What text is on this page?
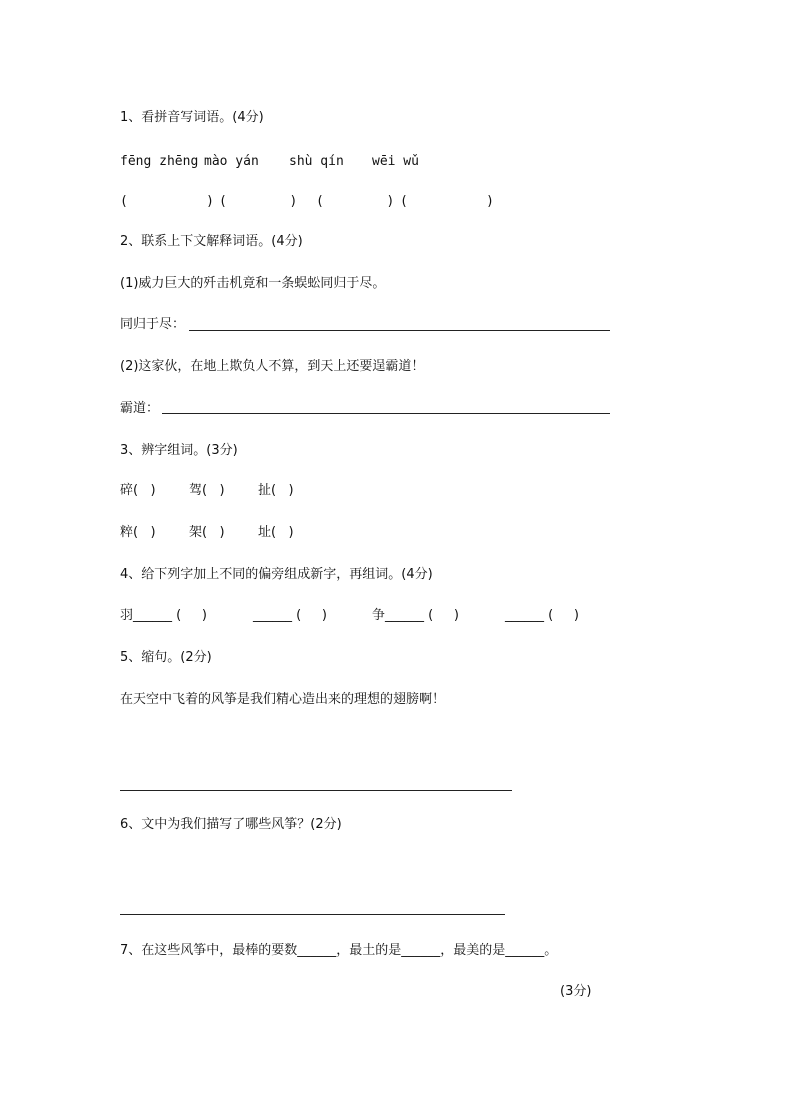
1、看拼音写词语。(4分)
fēng zhēng mào yán shù qín wēi wǔ
(          ) (        ) (        ) (          )
2、联系上下文解释词语。(4分)
(1)威力巨大的歼击机竟和一条蜈蚣同归于尽。
同归于尽：
(2)这家伙，在地上欺负人不算，到天上还要逞霸道！
霸道：
3、辨字组词。(3分)
碎(   )	驾(   )	扯(   )
粹(   )	架(   )	址(   )
4、给下列字加上不同的偏旁组成新字，再组词。(4分)
羽______ (     )	______ (     )	争______ (     )	______ (     )
5、缩句。(2分)
在天空中飞着的风筝是我们精心造出来的理想的翅膀啊！
6、文中为我们描写了哪些风筝？(2分)
7、在这些风筝中，最棒的要数______，最土的是______，最美的是______。
(3分)
